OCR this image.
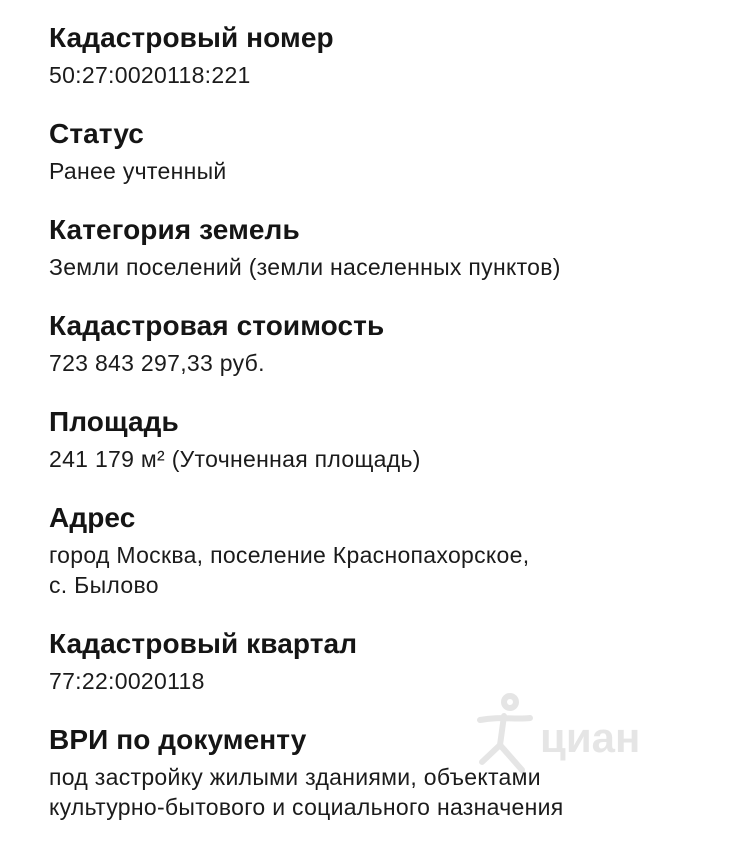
Кадастровый номер
50:27:0020118:221
Статус
Ранее учтенный
Категория земель
Земли поселений (земли населенных пунктов)
Кадастровая стоимость
723 843 297,33 руб.
Площадь
241 179 м² (Уточненная площадь)
Адрес
город Москва, поселение Краснопахорское,
с. Былово
Кадастровый квартал
77:22:0020118
ВРИ по документу
под застройку жилыми зданиями, объектами
культурно-бытового и социального назначения
циан
